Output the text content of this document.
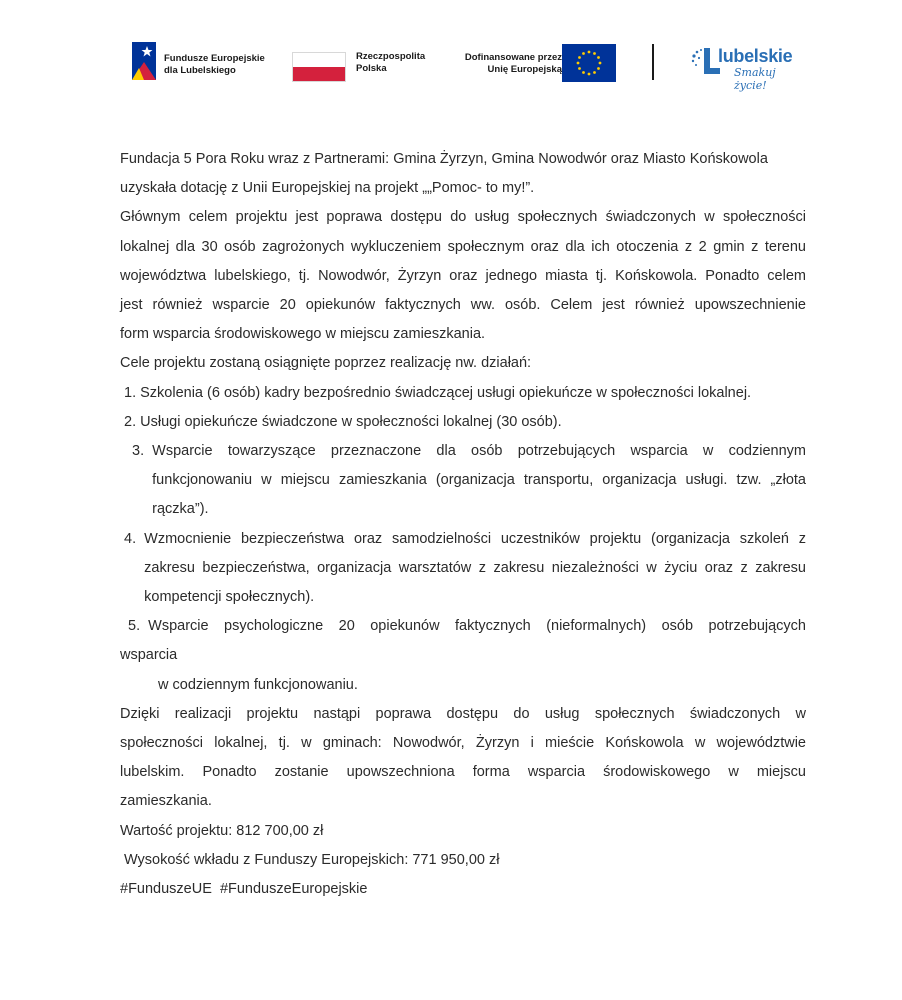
Fundusze Europejskie
dla Lubelskiego
Rzeczpospolita
Polska
Dofinansowane przez
Unię Europejską
lubelskie
Smakuj życie!

Fundacja 5 Pora Roku wraz z Partnerami: Gmina Żyrzyn, Gmina Nowodwór oraz Miasto Końskowola

uzyskała dotację z Unii Europejskiej na projekt „„Pomoc- to my!”.

Głównym celem projektu jest poprawa dostępu do usług społecznych świadczonych w społeczności

lokalnej dla 30 osób zagrożonych wykluczeniem społecznym oraz dla ich otoczenia z 2 gmin z terenu

województwa lubelskiego, tj. Nowodwór, Żyrzyn oraz jednego miasta tj. Końskowola. Ponadto celem

jest również wsparcie 20 opiekunów faktycznych ww. osób. Celem jest również upowszechnienie

form wsparcia środowiskowego w miejscu zamieszkania.

Cele projektu zostaną osiągnięte poprzez realizację nw. działań:

1.
Szkolenia (6 osób) kadry bezpośrednio świadczącej usługi opiekuńcze w społeczności lokalnej.
2.
Usługi opiekuńcze świadczone w społeczności lokalnej (30 osób).
3.
Wsparcie towarzyszące przeznaczone dla osób potrzebujących wsparcia w codziennym funkcjonowaniu w miejscu zamieszkania (organizacja transportu, organizacja usługi. tzw. „złota rączka”).
4.
Wzmocnienie bezpieczeństwa oraz samodzielności uczestników projektu (organizacja szkoleń z zakresu bezpieczeństwa, organizacja warsztatów z zakresu niezależności w życiu oraz z zakresu kompetencji społecznych).
5.
Wsparcie psychologiczne 20 opiekunów faktycznych (nieformalnych) osób potrzebujących

wsparcia

w codziennym funkcjonowaniu.

Dzięki realizacji projektu nastąpi poprawa dostępu do usług społecznych świadczonych w

społeczności lokalnej, tj. w gminach: Nowodwór, Żyrzyn i mieście Końskowola w województwie

lubelskim. Ponadto zostanie upowszechniona forma wsparcia środowiskowego w miejscu

zamieszkania.

Wartość projektu: 812 700,00 zł

Wysokość wkładu z Funduszy Europejskich: 771 950,00 zł

#FunduszeUE  #FunduszeEuropejskie
